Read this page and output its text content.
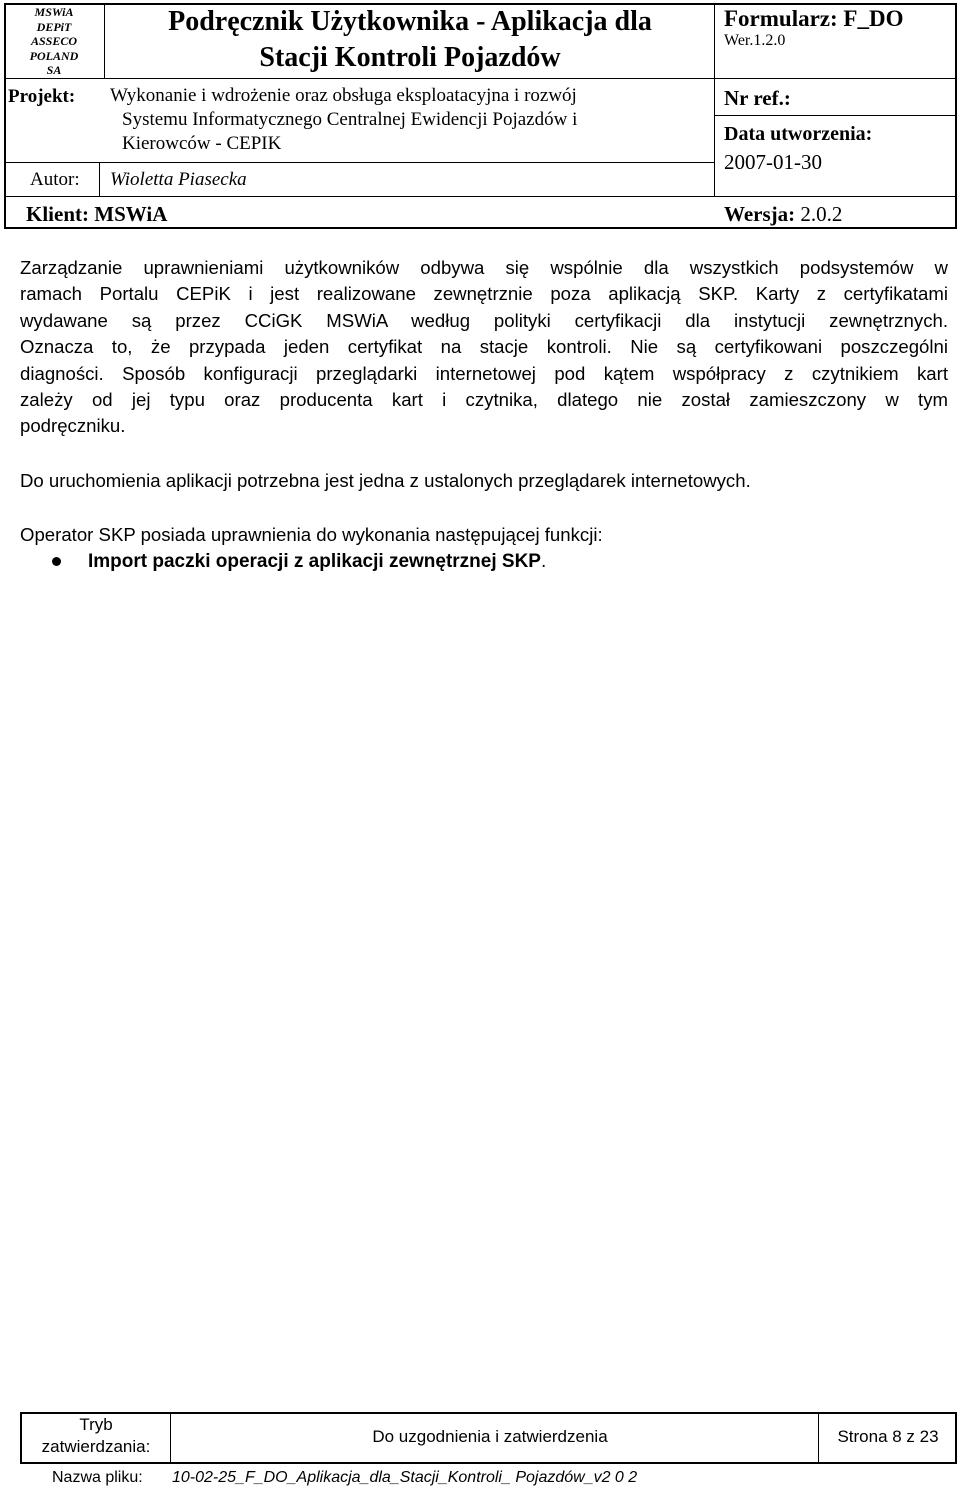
MSWiA
DEPiT
ASSECO
POLAND
SA
Podręcznik Użytkownika - Aplikacja dla
Stacji Kontroli Pojazdów
Formularz: F_DO
Wer.1.2.0
Projekt: Wykonanie i wdrożenie oraz obsługa eksploatacyjna i rozwój
Systemu Informatycznego Centralnej Ewidencji Pojazdów i
Kierowców - CEPIK
Nr ref.:
Data utworzenia:
2007-01-30
Autor: Wioletta Piasecka
Klient: MSWiA	Wersja: 2.0.2
Zarządzanie uprawnieniami użytkowników odbywa się wspólnie dla wszystkich podsystemów w
ramach Portalu CEPiK i jest realizowane zewnętrznie poza aplikacją SKP. Karty z certyfikatami
wydawane są przez CCiGK MSWiA według polityki certyfikacji dla instytucji zewnętrznych.
Oznacza to, że przypada jeden certyfikat na stacje kontroli. Nie są certyfikowani poszczególni
diagności. Sposób konfiguracji przeglądarki internetowej pod kątem współpracy z czytnikiem kart
zależy od jej typu oraz producenta kart i czytnika, dlatego nie został zamieszczony w tym
podręczniku.
Do uruchomienia aplikacji potrzebna jest jedna z ustalonych przeglądarek internetowych.
Operator SKP posiada uprawnienia do wykonania następującej funkcji:
Import paczki operacji z aplikacji zewnętrznej SKP.
Tryb
zatwierdzania:
Do uzgodnienia i zatwierdzenia	Strona 8 z 23
Nazwa pliku: 10-02-25_F_DO_Aplikacja_dla_Stacji_Kontroli_ Pojazdów_v2 0 2
